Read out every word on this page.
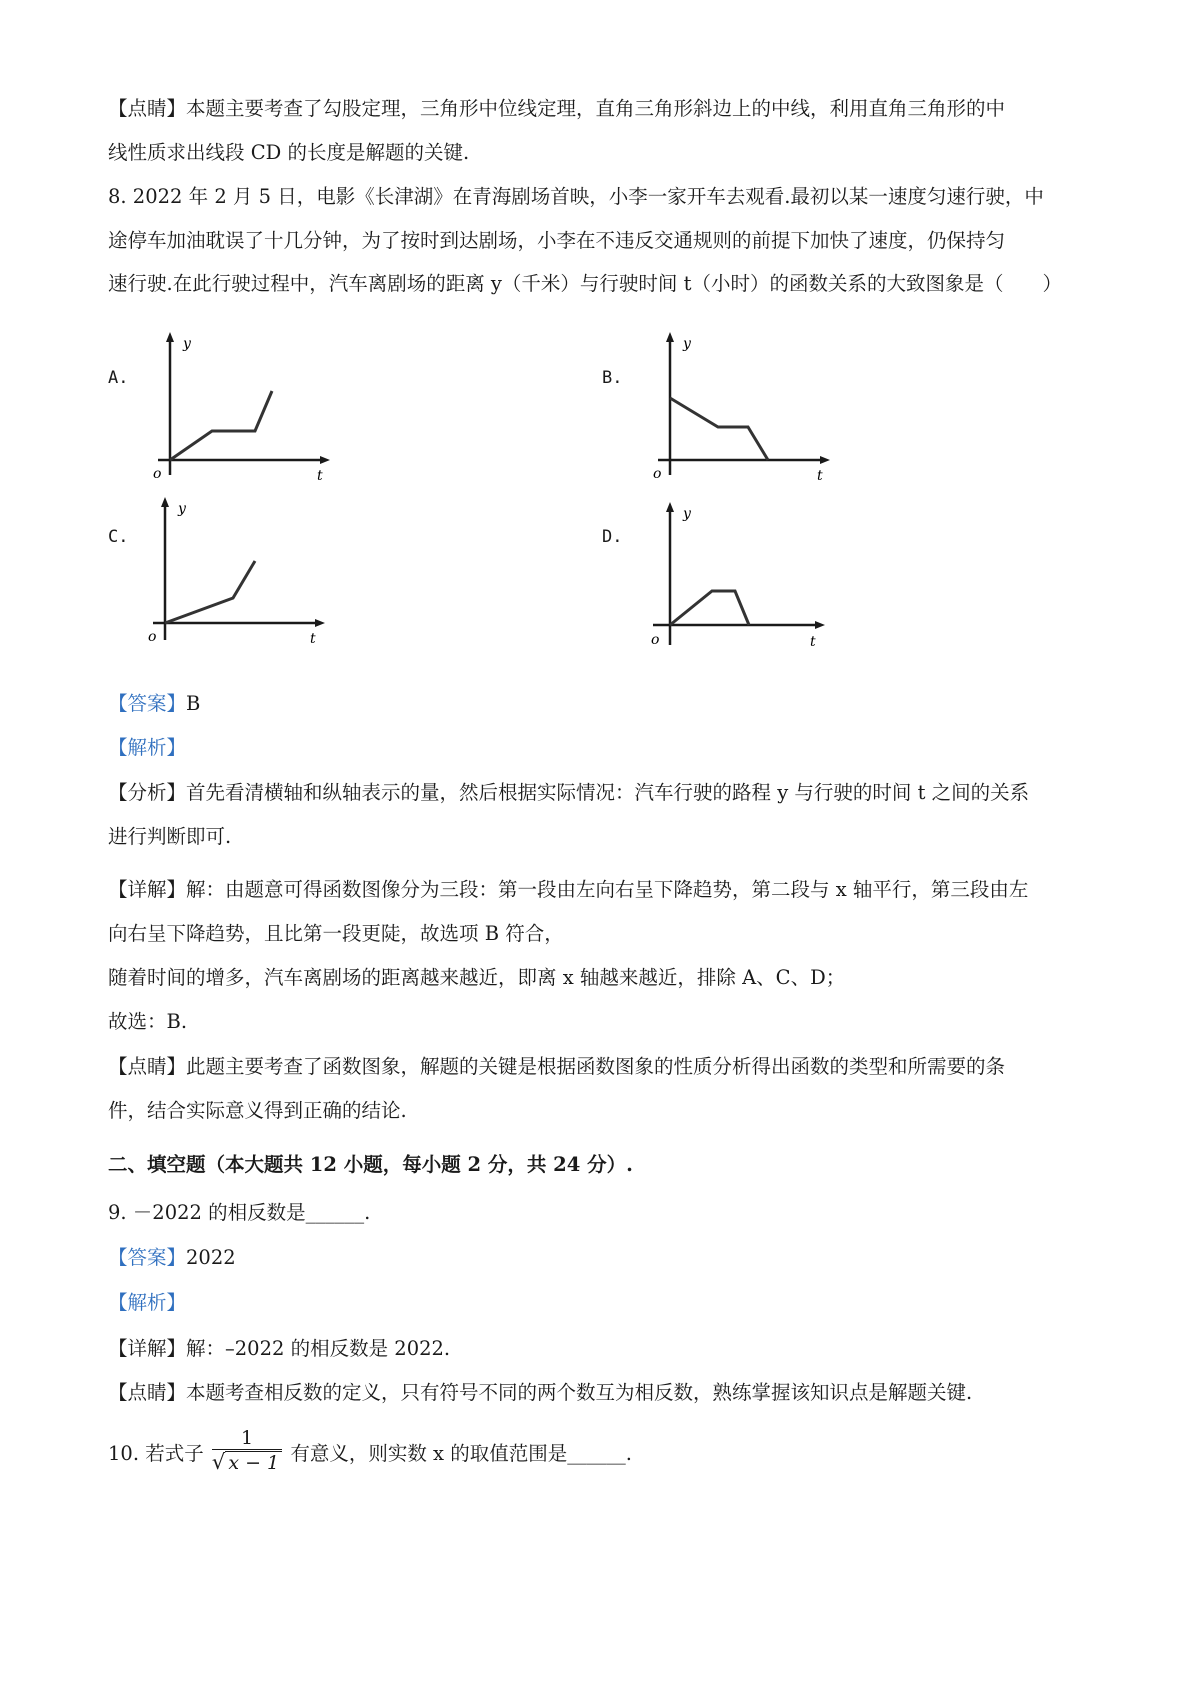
【点睛】本题主要考查了勾股定理，三角形中位线定理，直角三角形斜边上的中线，利用直角三角形的中
线性质求出线段 CD 的长度是解题的关键.
8. 2022 年 2 月 5 日，电影《长津湖》在青海剧场首映，小李一家开车去观看.最初以某一速度匀速行驶，中
途停车加油耽误了十几分钟，为了按时到达剧场，小李在不违反交通规则的前提下加快了速度，仍保持匀
速行驶.在此行驶过程中，汽车离剧场的距离 y（千米）与行驶时间 t（小时）的函数关系的大致图象是（　　）
A.	B.
C.	D.
y
o	t
y
o	t
y
o	t
y
o	t
【答案】B
【解析】
【分析】首先看清横轴和纵轴表示的量，然后根据实际情况：汽车行驶的路程 y 与行驶的时间 t 之间的关系
进行判断即可.
【详解】解：由题意可得函数图像分为三段：第一段由左向右呈下降趋势，第二段与 x 轴平行，第三段由左
向右呈下降趋势，且比第一段更陡，故选项 B 符合，
随着时间的增多，汽车离剧场的距离越来越近，即离 x 轴越来越近，排除 A、C、D；
故选：B.
【点睛】此题主要考查了函数图象，解题的关键是根据函数图象的性质分析得出函数的类型和所需要的条
件，结合实际意义得到正确的结论.
二、填空题（本大题共 12 小题，每小题 2 分，共 24 分）.
9. －2022 的相反数是______.
【答案】2022
【解析】
【详解】解：–2022 的相反数是 2022.
【点睛】本题考查相反数的定义，只有符号不同的两个数互为相反数，熟练掌握该知识点是解题关键.
10. 若式子 $\frac{1}{√ x - 1}$ 有意义，则实数 x 的取值范围是______.
